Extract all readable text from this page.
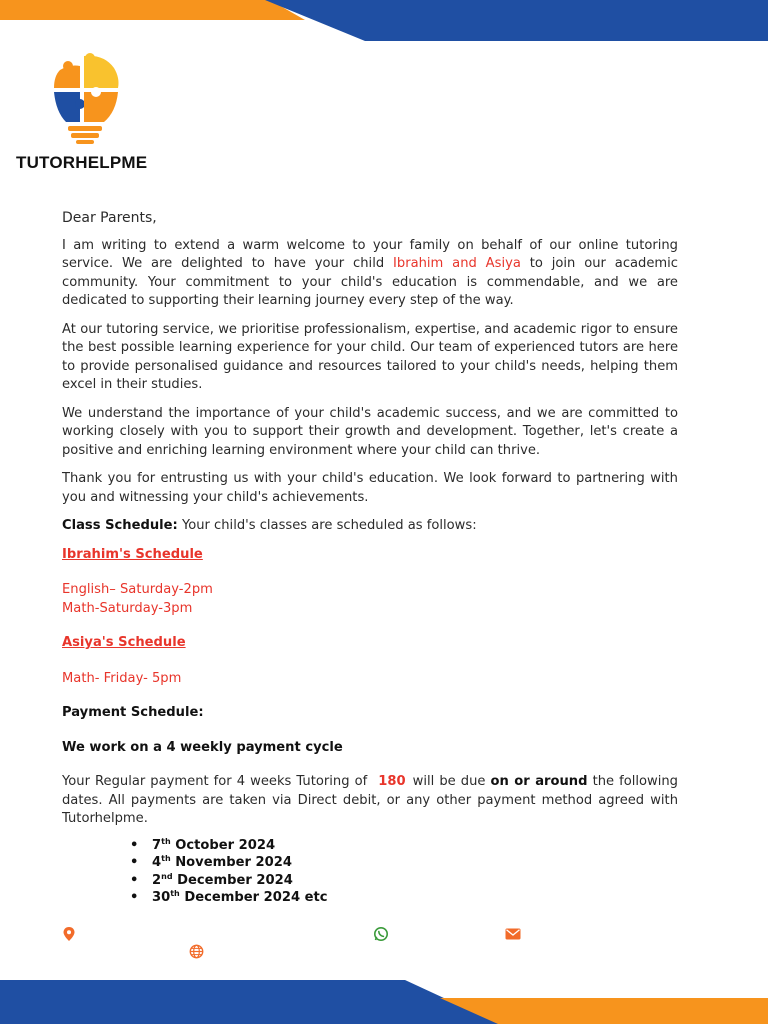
TUTORHELPME
Dear Parents,

I am writing to extend a warm welcome to your family on behalf of our online tutoring service. We are delighted to have your child Ibrahim and Asiya to join our academic community. Your commitment to your child's education is commendable, and we are dedicated to supporting their learning journey every step of the way.

At our tutoring service, we prioritise professionalism, expertise, and academic rigor to ensure the best possible learning experience for your child. Our team of experienced tutors are here to provide personalised guidance and resources tailored to your child's needs, helping them excel in their studies.

We understand the importance of your child's academic success, and we are committed to working closely with you to support their growth and development. Together, let's create a positive and enriching learning environment where your child can thrive.

Thank you for entrusting us with your child's education. We look forward to partnering with you and witnessing your child's achievements.

Class Schedule: Your child's classes are scheduled as follows:

Ibrahim's Schedule
English– Saturday-2pm
Math-Saturday-3pm
Asiya's Schedule
Math- Friday- 5pm
Payment Schedule:
We work on a 4 weekly payment cycle

Your Regular payment for 4 weeks Tutoring of 180 will be due on or around the following dates. All payments are taken via Direct debit, or any other payment method agreed with Tutorhelpme.

• 7th October 2024
• 4th November 2024
• 2nd December 2024
• 30th December 2024 etc
